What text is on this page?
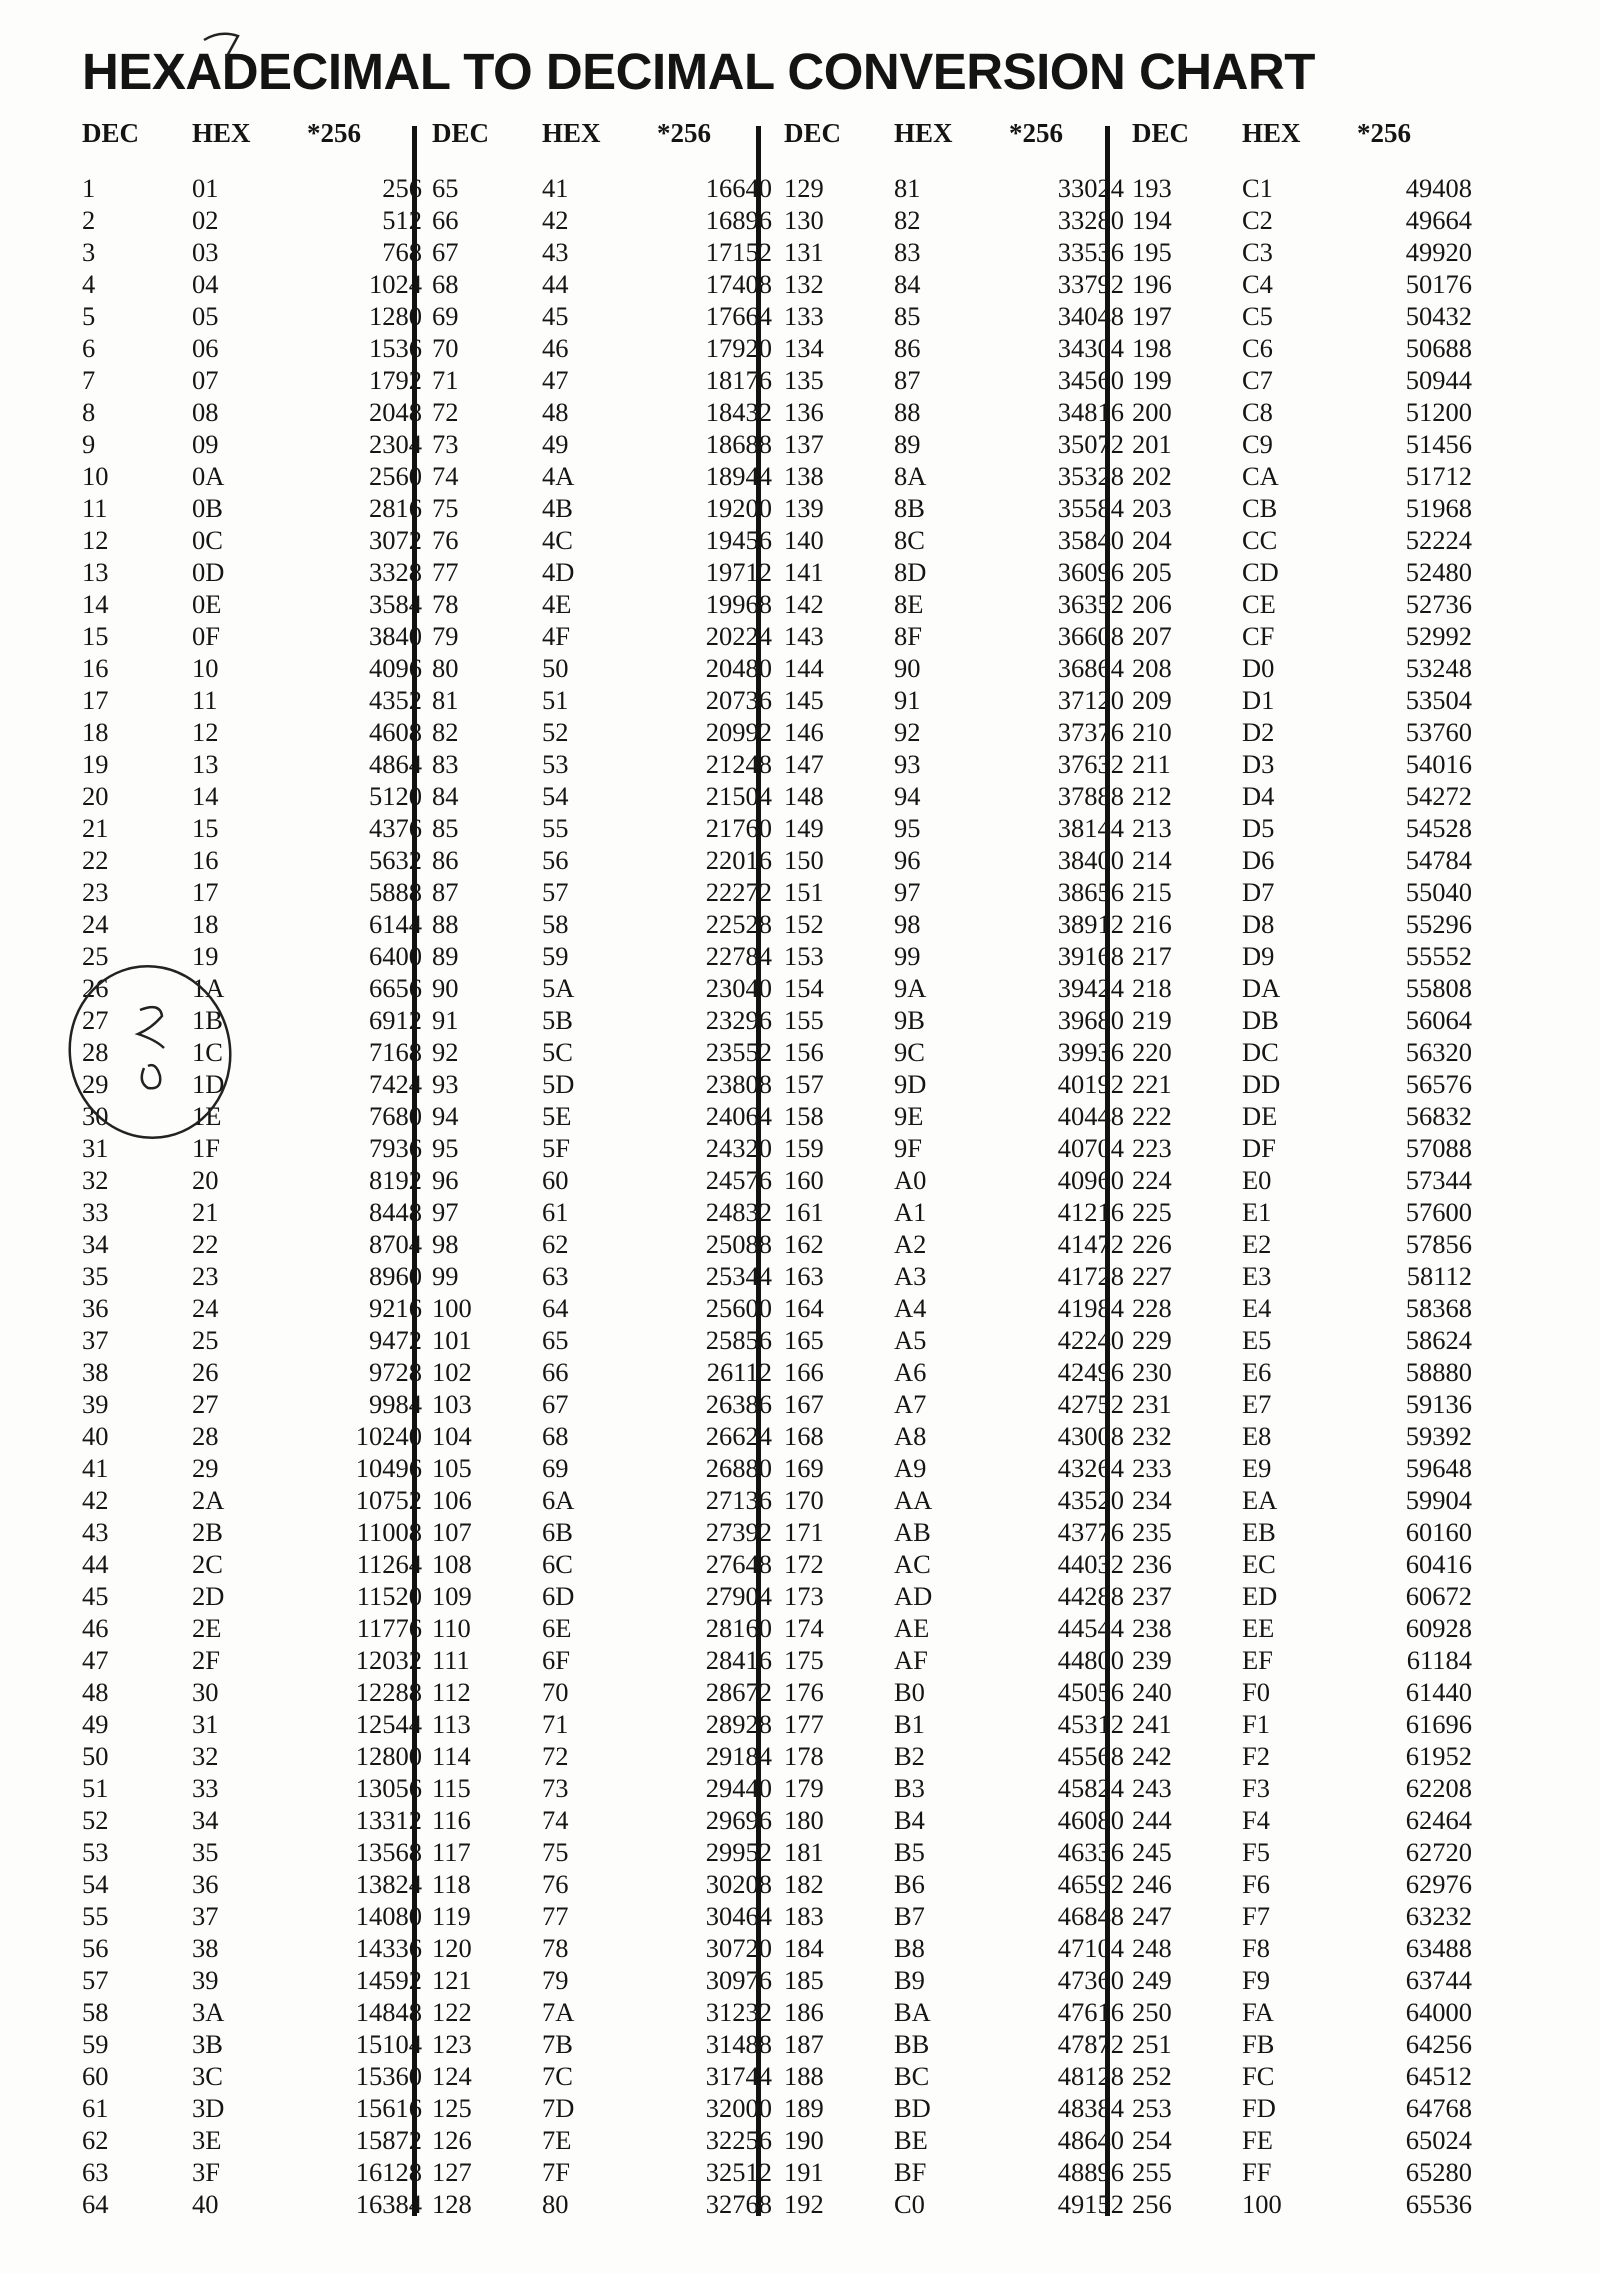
HEXADECIMAL TO DECIMAL CONVERSION CHART
DEC HEX *256
1	01	256
2	02	512
3	03	768
4	04	1024
5	05	1280
6	06	1536
7	07	1792
8	08	2048
9	09	2304
10	0A	2560
11	0B	2816
12	0C	3072
13	0D	3328
14	0E	3584
15	0F	3840
16	10	4096
17	11	4352
18	12	4608
19	13	4864
20	14	5120
21	15	4376
22	16	5632
23	17	5888
24	18	6144
25	19	6400
26	1A	6656
27	1B	6912
28	1C	7168
29	1D	7424
30	1E	7680
31	1F	7936
32	20	8192
33	21	8448
34	22	8704
35	23	8960
36	24	9216
37	25	9472
38	26	9728
39	27	9984
40	28	10240
41	29	10496
42	2A	10752
43	2B	11008
44	2C	11264
45	2D	11520
46	2E	11776
47	2F	12032
48	30	12288
49	31	12544
50	32	12800
51	33	13056
52	34	13312
53	35	13568
54	36	13824
55	37	14080
56	38	14336
57	39	14592
58	3A	14848
59	3B	15104
60	3C	15360
61	3D	15616
62	3E	15872
63	3F	16128
64	40	16384
DEC HEX *256
65	41	16640
66	42	16896
67	43	17152
68	44	17408
69	45	17664
70	46	17920
71	47	18176
72	48	18432
73	49	18688
74	4A	18944
75	4B	19200
76	4C	19456
77	4D	19712
78	4E	19968
79	4F	20224
80	50	20480
81	51	20736
82	52	20992
83	53	21248
84	54	21504
85	55	21760
86	56	22016
87	57	22272
88	58	22528
89	59	22784
90	5A	23040
91	5B	23296
92	5C	23552
93	5D	23808
94	5E	24064
95	5F	24320
96	60	24576
97	61	24832
98	62	25088
99	63	25344
100	64	25600
101	65	25856
102	66	26112
103	67	26386
104	68	26624
105	69	26880
106	6A	27136
107	6B	27392
108	6C	27648
109	6D	27904
110	6E	28160
111	6F	28416
112	70	28672
113	71	28928
114	72	29184
115	73	29440
116	74	29696
117	75	29952
118	76	30208
119	77	30464
120	78	30720
121	79	30976
122	7A	31232
123	7B	31488
124	7C	31744
125	7D	32000
126	7E	32256
127	7F	32512
128	80	32768
DEC HEX *256
129	81	33024
130	82	33280
131	83	33536
132	84	33792
133	85	34048
134	86	34304
135	87	34560
136	88	34816
137	89	35072
138	8A	35328
139	8B	35584
140	8C	35840
141	8D	36096
142	8E	36352
143	8F	36608
144	90	36864
145	91	37120
146	92	37376
147	93	37632
148	94	37888
149	95	38144
150	96	38400
151	97	38656
152	98	38912
153	99	39168
154	9A	39424
155	9B	39680
156	9C	39936
157	9D	40192
158	9E	40448
159	9F	40704
160	A0	40960
161	A1	41216
162	A2	41472
163	A3	41728
164	A4	41984
165	A5	42240
166	A6	42496
167	A7	42752
168	A8	43008
169	A9	43264
170	AA	43520
171	AB	43776
172	AC	44032
173	AD	44288
174	AE	44544
175	AF	44800
176	B0	45056
177	B1	45312
178	B2	45568
179	B3	45824
180	B4	46080
181	B5	46336
182	B6	46592
183	B7	46848
184	B8	47104
185	B9	47360
186	BA	47616
187	BB	47872
188	BC	48128
189	BD	48384
190	BE	48640
191	BF	48896
192	C0	49152
DEC HEX *256
193	C1	49408
194	C2	49664
195	C3	49920
196	C4	50176
197	C5	50432
198	C6	50688
199	C7	50944
200	C8	51200
201	C9	51456
202	CA	51712
203	CB	51968
204	CC	52224
205	CD	52480
206	CE	52736
207	CF	52992
208	D0	53248
209	D1	53504
210	D2	53760
211	D3	54016
212	D4	54272
213	D5	54528
214	D6	54784
215	D7	55040
216	D8	55296
217	D9	55552
218	DA	55808
219	DB	56064
220	DC	56320
221	DD	56576
222	DE	56832
223	DF	57088
224	E0	57344
225	E1	57600
226	E2	57856
227	E3	58112
228	E4	58368
229	E5	58624
230	E6	58880
231	E7	59136
232	E8	59392
233	E9	59648
234	EA	59904
235	EB	60160
236	EC	60416
237	ED	60672
238	EE	60928
239	EF	61184
240	F0	61440
241	F1	61696
242	F2	61952
243	F3	62208
244	F4	62464
245	F5	62720
246	F6	62976
247	F7	63232
248	F8	63488
249	F9	63744
250	FA	64000
251	FB	64256
252	FC	64512
253	FD	64768
254	FE	65024
255	FF	65280
256	100	65536
